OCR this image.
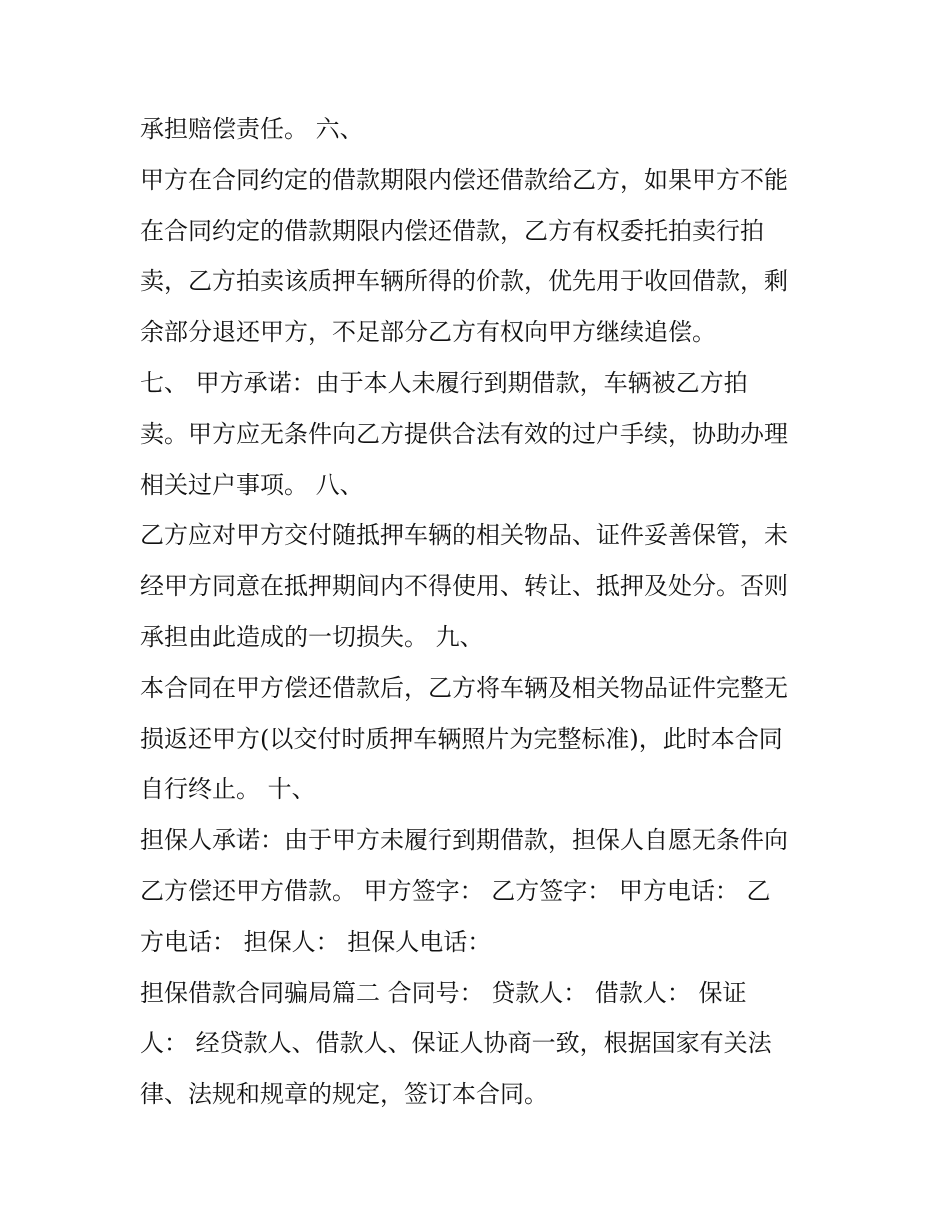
承担赔偿责任。 六、
甲方在合同约定的借款期限内偿还借款给乙方，如果甲方不能
在合同约定的借款期限内偿还借款，乙方有权委托拍卖行拍
卖，乙方拍卖该质押车辆所得的价款，优先用于收回借款，剩
余部分退还甲方，不足部分乙方有权向甲方继续追偿。
七、 甲方承诺：由于本人未履行到期借款，车辆被乙方拍
卖。甲方应无条件向乙方提供合法有效的过户手续，协助办理
相关过户事项。 八、
乙方应对甲方交付随抵押车辆的相关物品、证件妥善保管，未
经甲方同意在抵押期间内不得使用、转让、抵押及处分。否则
承担由此造成的一切损失。 九、
本合同在甲方偿还借款后，乙方将车辆及相关物品证件完整无
损返还甲方(以交付时质押车辆照片为完整标准)，此时本合同
自行终止。 十、
担保人承诺：由于甲方未履行到期借款，担保人自愿无条件向
乙方偿还甲方借款。 甲方签字： 乙方签字： 甲方电话： 乙
方电话： 担保人： 担保人电话：
担保借款合同骗局篇二 合同号： 贷款人： 借款人： 保证
人： 经贷款人、借款人、保证人协商一致，根据国家有关法
律、法规和规章的规定，签订本合同。
